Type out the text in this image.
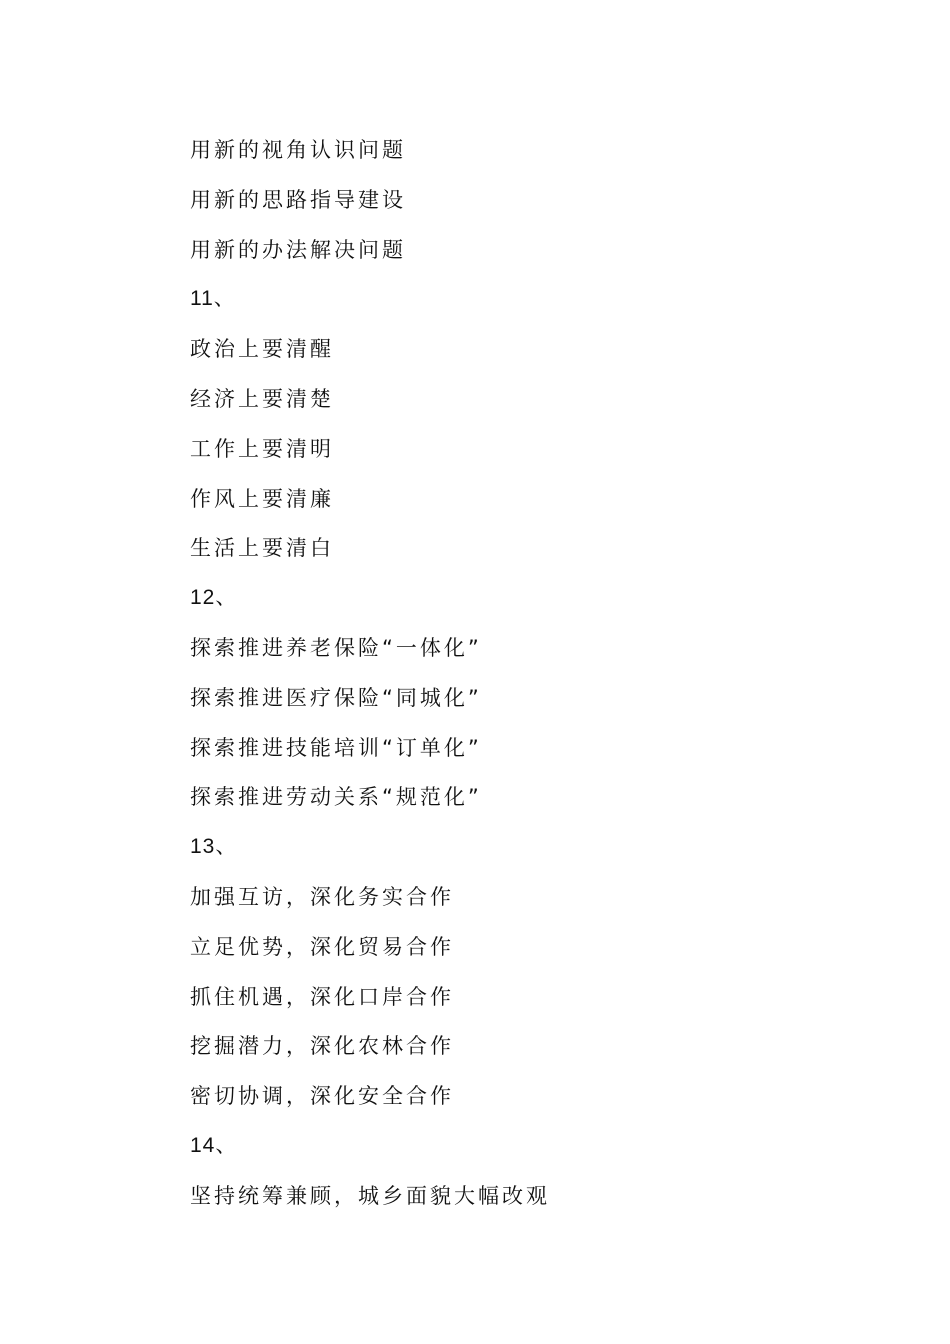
用新的视角认识问题
用新的思路指导建设
用新的办法解决问题
11、
政治上要清醒
经济上要清楚
工作上要清明
作风上要清廉
生活上要清白
12、
探索推进养老保险“一体化”
探索推进医疗保险“同城化”
探索推进技能培训“订单化”
探索推进劳动关系“规范化”
13、
加强互访，深化务实合作
立足优势，深化贸易合作
抓住机遇，深化口岸合作
挖掘潜力，深化农林合作
密切协调，深化安全合作
14、
坚持统筹兼顾，城乡面貌大幅改观
